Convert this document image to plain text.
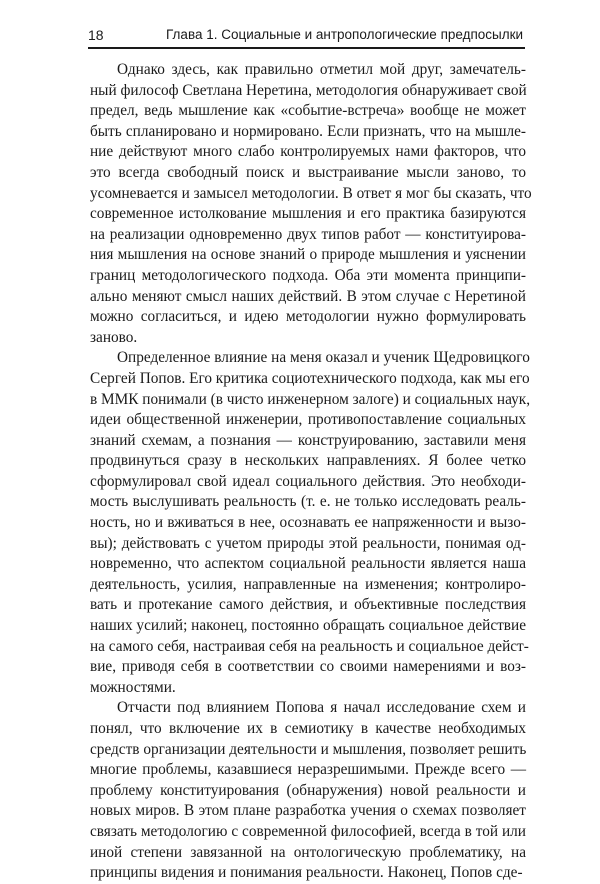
18	Глава 1. Социальные и антропологические предпосылки
Однако здесь, как правильно отметил мой друг, замечатель-
ный философ Светлана Неретина, методология обнаруживает свой
предел, ведь мышление как «событие-встреча» вообще не может
быть спланировано и нормировано. Если признать, что на мышле-
ние действуют много слабо контролируемых нами факторов, что
это всегда свободный поиск и выстраивание мысли заново, то
усомневается и замысел методологии. В ответ я мог бы сказать, что
современное истолкование мышления и его практика базируются
на реализации одновременно двух типов работ — конституирова-
ния мышления на основе знаний о природе мышления и уяснении
границ методологического подхода. Оба эти момента принципи-
ально меняют смысл наших действий. В этом случае с Неретиной
можно согласиться, и идею методологии нужно формулировать
заново.
Определенное влияние на меня оказал и ученик Щедровицкого
Сергей Попов. Его критика социотехнического подхода, как мы его
в ММК понимали (в чисто инженерном залоге) и социальных наук,
идеи общественной инженерии, противопоставление социальных
знаний схемам, а познания — конструированию, заставили меня
продвинуться сразу в нескольких направлениях. Я более четко
сформулировал свой идеал социального действия. Это необходи-
мость выслушивать реальность (т. е. не только исследовать реаль-
ность, но и вживаться в нее, осознавать ее напряженности и вызо-
вы); действовать с учетом природы этой реальности, понимая од-
новременно, что аспектом социальной реальности является наша
деятельность, усилия, направленные на изменения; контролиро-
вать и протекание самого действия, и объективные последствия
наших усилий; наконец, постоянно обращать социальное действие
на самого себя, настраивая себя на реальность и социальное дейст-
вие, приводя себя в соответствии со своими намерениями и воз-
можностями.
Отчасти под влиянием Попова я начал исследование схем и
понял, что включение их в семиотику в качестве необходимых
средств организации деятельности и мышления, позволяет решить
многие проблемы, казавшиеся неразрешимыми. Прежде всего —
проблему конституирования (обнаружения) новой реальности и
новых миров. В этом плане разработка учения о схемах позволяет
связать методологию с современной философией, всегда в той или
иной степени завязанной на онтологическую проблематику, на
принципы видения и понимания реальности. Наконец, Попов сде-
